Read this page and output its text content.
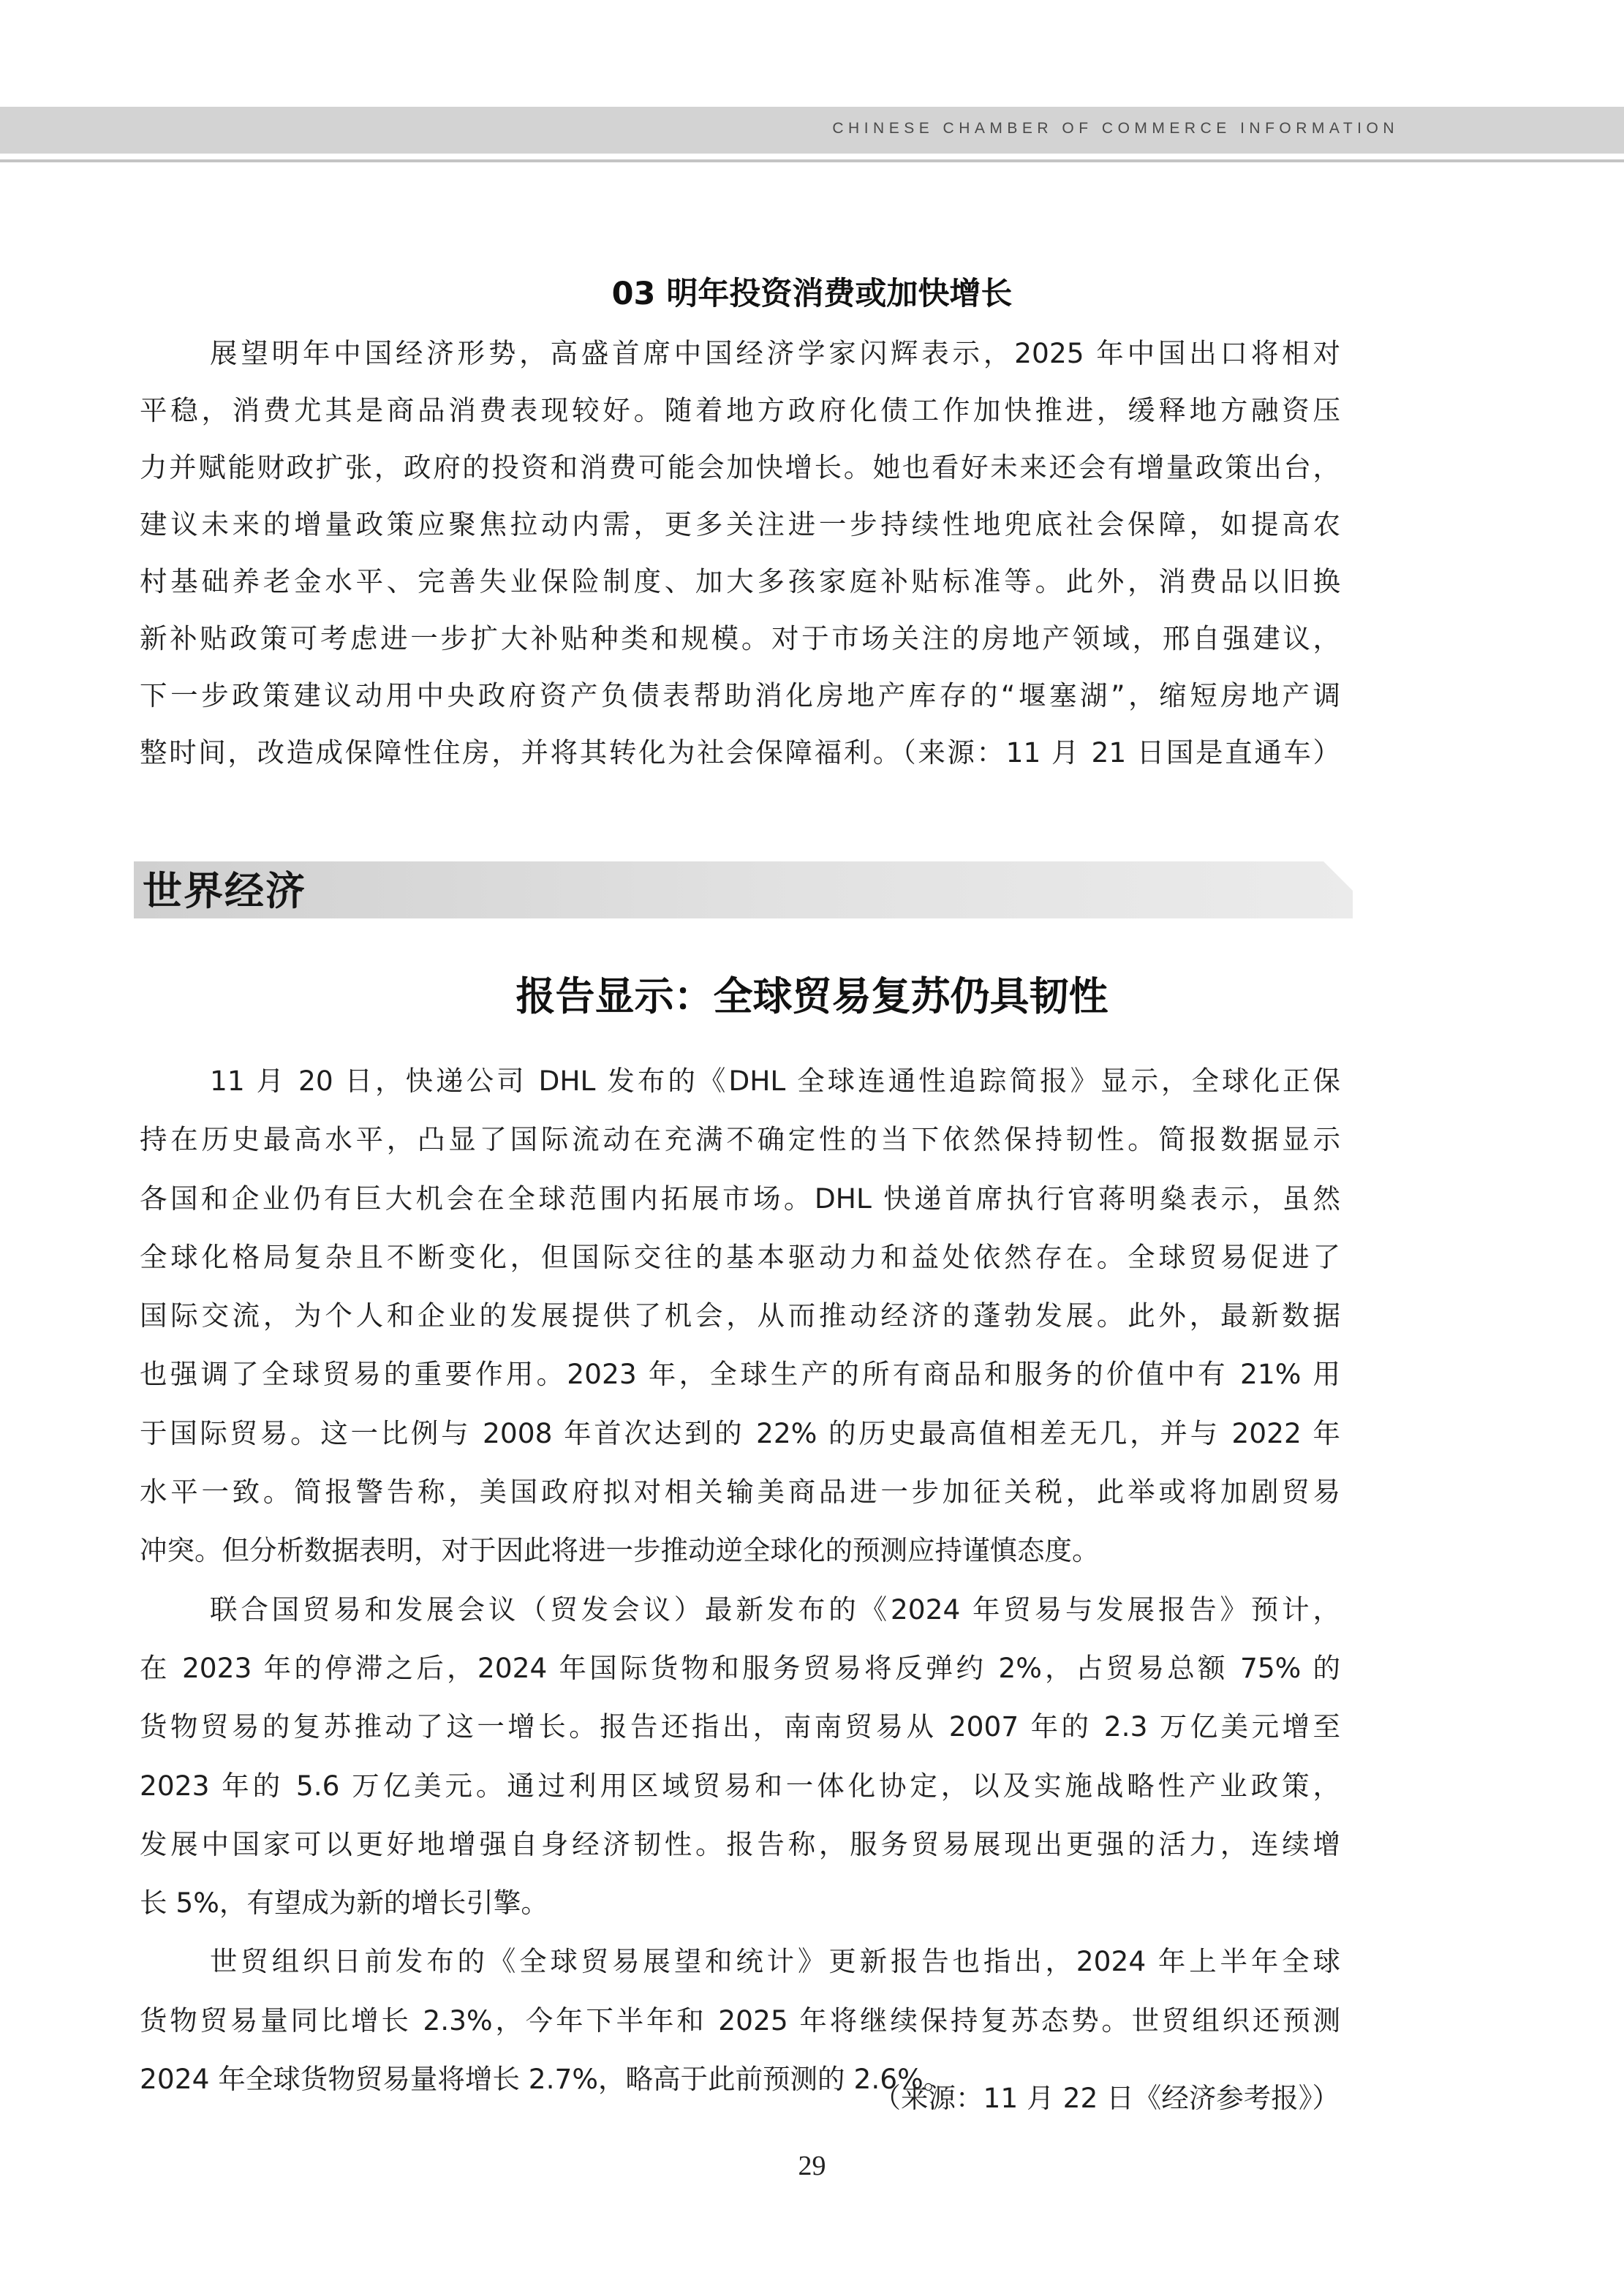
CHINESE CHAMBER OF COMMERCE INFORMATION
03 明年投资消费或加快增长
展望明年中国经济形势，高盛首席中国经济学家闪辉表示，2025 年中国出口将相对
平稳，消费尤其是商品消费表现较好。随着地方政府化债工作加快推进，缓释地方融资压
力并赋能财政扩张，政府的投资和消费可能会加快增长。她也看好未来还会有增量政策出台，
建议未来的增量政策应聚焦拉动内需，更多关注进一步持续性地兜底社会保障，如提高农
村基础养老金水平、完善失业保险制度、加大多孩家庭补贴标准等。此外，消费品以旧换
新补贴政策可考虑进一步扩大补贴种类和规模。对于市场关注的房地产领域，邢自强建议，
下一步政策建议动用中央政府资产负债表帮助消化房地产库存的“堰塞湖”，缩短房地产调
整时间，改造成保障性住房，并将其转化为社会保障福利。（来源：11 月 21 日国是直通车）
世界经济
报告显示：全球贸易复苏仍具韧性
11 月 20 日，快递公司 DHL 发布的《DHL 全球连通性追踪简报》显示，全球化正保
持在历史最高水平，凸显了国际流动在充满不确定性的当下依然保持韧性。简报数据显示
各国和企业仍有巨大机会在全球范围内拓展市场。DHL 快递首席执行官蒋明燊表示，虽然
全球化格局复杂且不断变化，但国际交往的基本驱动力和益处依然存在。全球贸易促进了
国际交流，为个人和企业的发展提供了机会，从而推动经济的蓬勃发展。此外，最新数据
也强调了全球贸易的重要作用。2023 年，全球生产的所有商品和服务的价值中有 21% 用
于国际贸易。这一比例与 2008 年首次达到的 22% 的历史最高值相差无几，并与 2022 年
水平一致。简报警告称，美国政府拟对相关输美商品进一步加征关税，此举或将加剧贸易
冲突。但分析数据表明，对于因此将进一步推动逆全球化的预测应持谨慎态度。
联合国贸易和发展会议（贸发会议）最新发布的《2024 年贸易与发展报告》预计，
在 2023 年的停滞之后，2024 年国际货物和服务贸易将反弹约 2%，占贸易总额 75% 的
货物贸易的复苏推动了这一增长。报告还指出，南南贸易从 2007 年的 2.3 万亿美元增至
2023 年的 5.6 万亿美元。通过利用区域贸易和一体化协定，以及实施战略性产业政策，
发展中国家可以更好地增强自身经济韧性。报告称，服务贸易展现出更强的活力，连续增
长 5%，有望成为新的增长引擎。
世贸组织日前发布的《全球贸易展望和统计》更新报告也指出，2024 年上半年全球
货物贸易量同比增长 2.3%，今年下半年和 2025 年将继续保持复苏态势。世贸组织还预测
2024 年全球货物贸易量将增长 2.7%，略高于此前预测的 2.6%。
（来源：11 月 22 日《经济参考报》）
29
